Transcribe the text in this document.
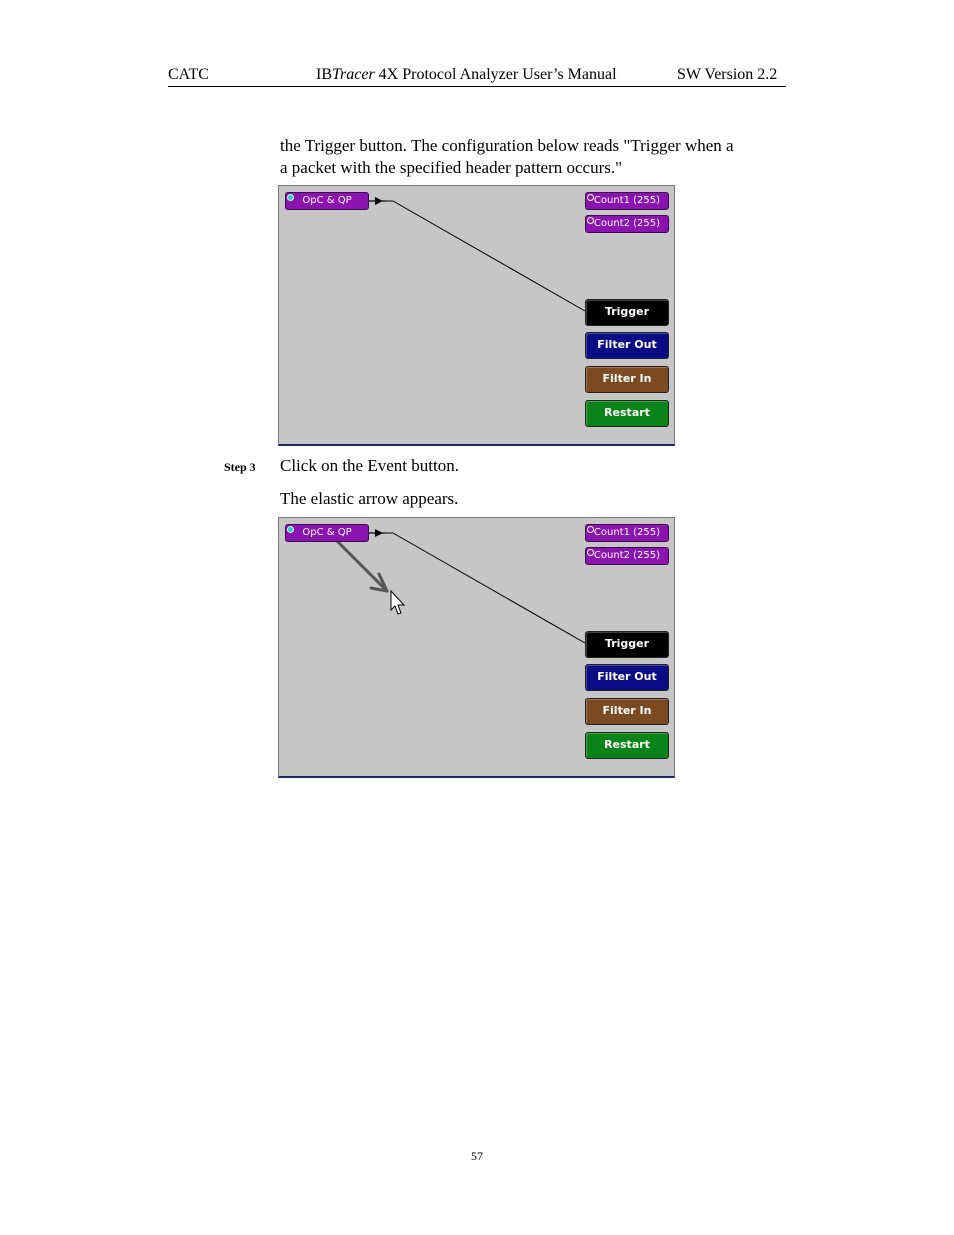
CATC	IBTracer 4X Protocol Analyzer User’s Manual	SW Version 2.2
the Trigger button. The configuration below reads "Trigger when a
a packet with the specified header pattern occurs."
OpC & QP	Count1 (255)
Count2 (255)
Trigger
Filter Out
Filter In
Restart
Step 3 Click on the Event button.
The elastic arrow appears.
OpC & QP	Count1 (255)
Count2 (255)
Trigger
Filter Out
Filter In
Restart
57
